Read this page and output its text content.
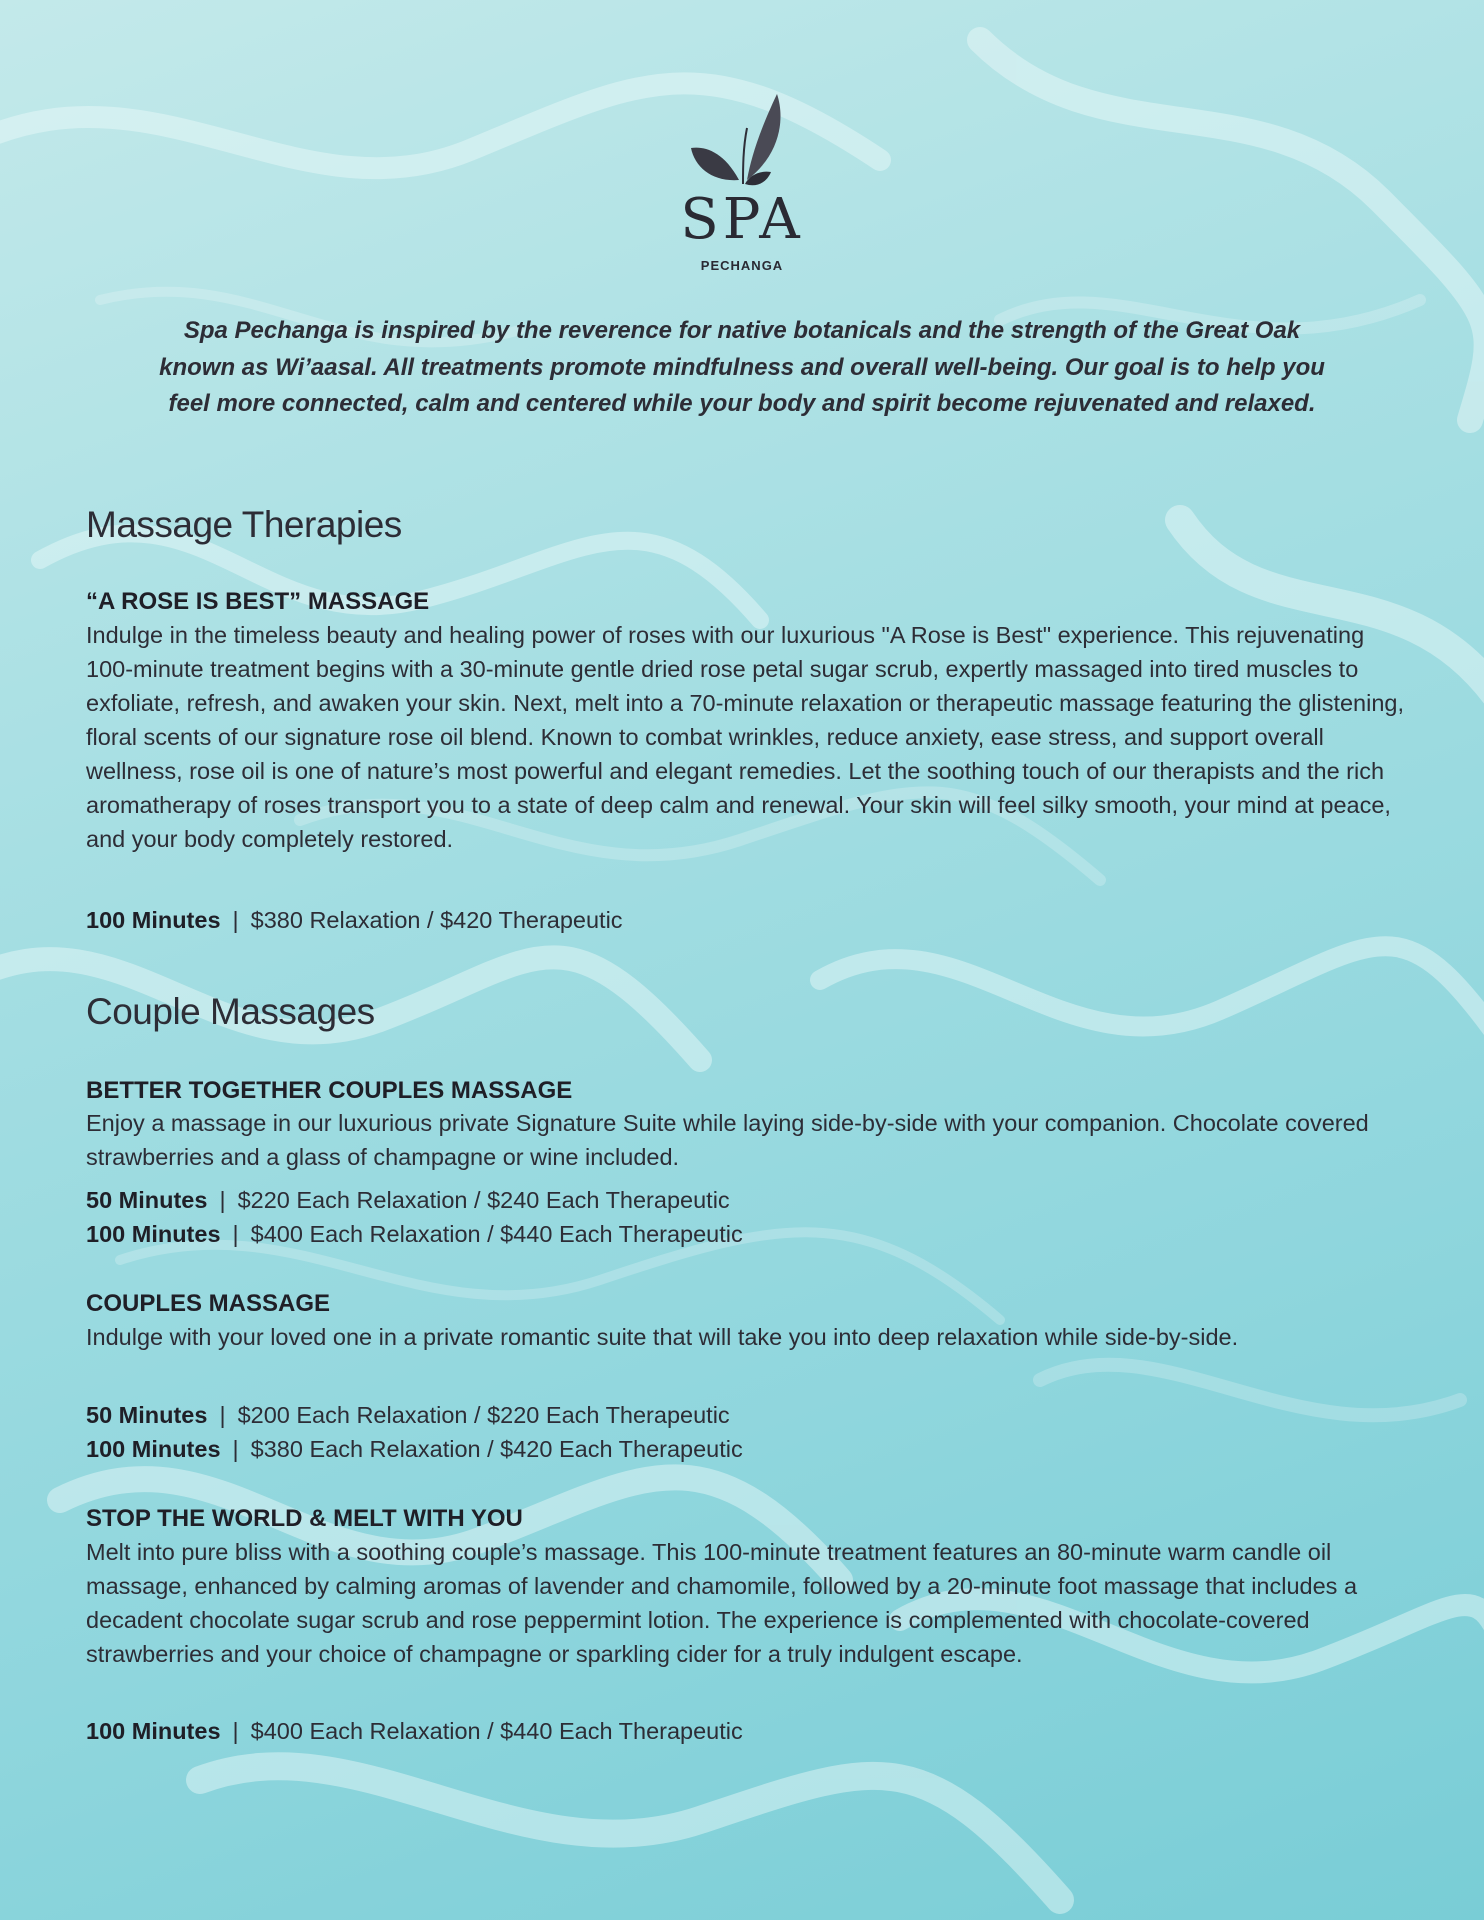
SPA
PECHANGA

Spa Pechanga is inspired by the reverence for native botanicals and the strength of the Great Oak known as Wi’aasal. All treatments promote mindfulness and overall well-being. Our goal is to help you feel more connected, calm and centered while your body and spirit become rejuvenated and relaxed.

Massage Therapies
“A ROSE IS BEST” MASSAGE

Indulge in the timeless beauty and healing power of roses with our luxurious "A Rose is Best" experience. This rejuvenating 100-minute treatment begins with a 30-minute gentle dried rose petal sugar scrub, expertly massaged into tired muscles to exfoliate, refresh, and awaken your skin. Next, melt into a 70-minute relaxation or therapeutic massage featuring the glistening, floral scents of our signature rose oil blend. Known to combat wrinkles, reduce anxiety, ease stress, and support overall wellness, rose oil is one of nature’s most powerful and elegant remedies. Let the soothing touch of our therapists and the rich aromatherapy of roses transport you to a state of deep calm and renewal. Your skin will feel silky smooth, your mind at peace, and your body completely restored.

100 Minutes | $380 Relaxation / $420 Therapeutic
Couple Massages
BETTER TOGETHER COUPLES MASSAGE

Enjoy a massage in our luxurious private Signature Suite while laying side-by-side with your companion. Chocolate covered strawberries and a glass of champagne or wine included.

50 Minutes | $220 Each Relaxation / $240 Each Therapeutic
100 Minutes | $400 Each Relaxation / $440 Each Therapeutic
COUPLES MASSAGE

Indulge with your loved one in a private romantic suite that will take you into deep relaxation while side-by-side.

50 Minutes | $200 Each Relaxation / $220 Each Therapeutic
100 Minutes | $380 Each Relaxation / $420 Each Therapeutic
STOP THE WORLD & MELT WITH YOU

Melt into pure bliss with a soothing couple’s massage. This 100-minute treatment features an 80-minute warm candle oil massage, enhanced by calming aromas of lavender and chamomile, followed by a 20-minute foot massage that includes a decadent chocolate sugar scrub and rose peppermint lotion. The experience is complemented with chocolate-covered strawberries and your choice of champagne or sparkling cider for a truly indulgent escape.

100 Minutes | $400 Each Relaxation / $440 Each Therapeutic
